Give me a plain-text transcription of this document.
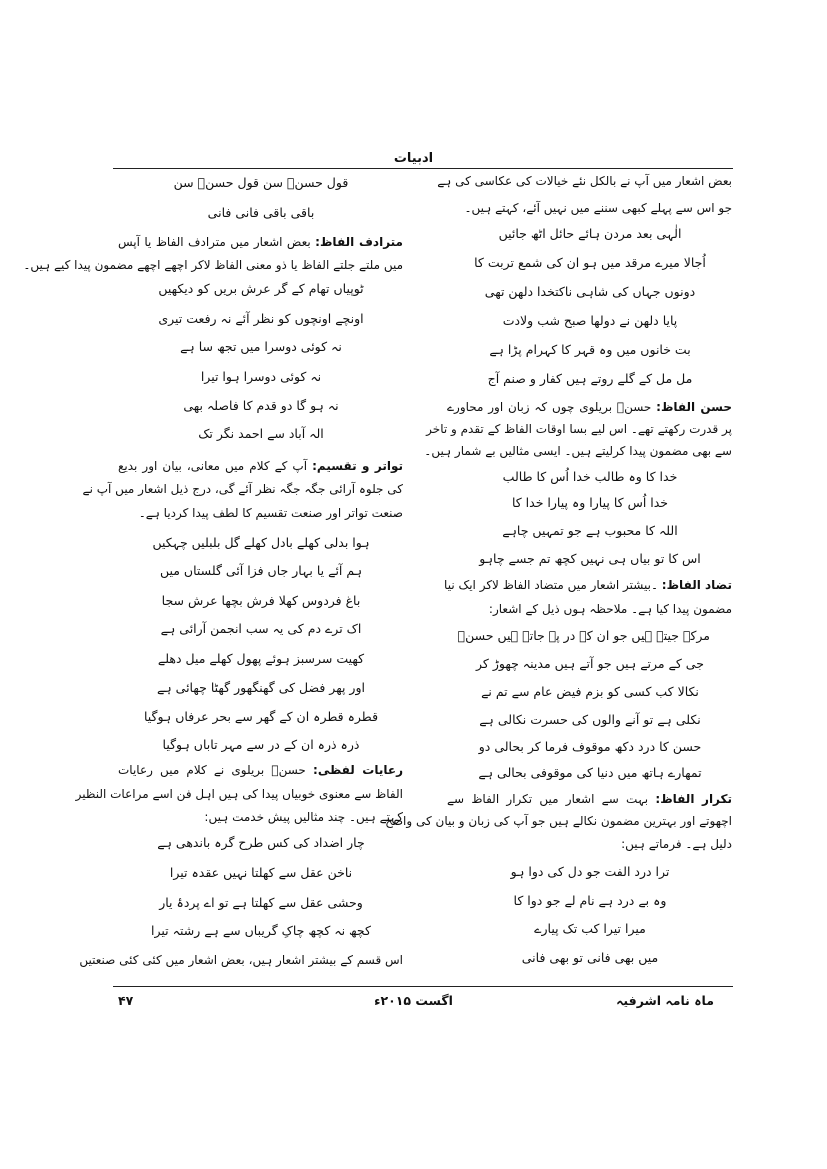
ادبیات
بعض اشعار میں آپ نے بالکل نئے خیالات کی عکاسی کی ہے
جو اس سے پہلے کبھی سننے میں نہیں آئے، کہتے ہیں۔
الٰہی بعد مردن ہائے حائل اٹھ جائیں
اُجالا میرے مرقد میں ہو ان کی شمع تربت کا
دونوں جہاں کی شاہی ناکتخدا دلھن تھی
پایا دلھن نے دولھا صبح شب ولادت
بت خانوں میں وہ قہر کا کہرام پڑا ہے
مل مل کے گلے روتے ہیں کفار و صنم آج
حسن الفاظ: حسنؔ بریلوی چوں کہ زبان اور محاورے
پر قدرت رکھتے تھے۔ اس لیے بسا اوقات الفاظ کے تقدم و تاخر
سے بھی مضمون پیدا کرلیتے ہیں۔ ایسی مثالیں بے شمار ہیں۔
خدا کا وہ طالب خدا اُس کا طالب
خدا اُس کا پیارا وہ پیارا خدا کا
اللہ کا محبوب ہے جو تمہیں چاہے
اس کا تو بیاں ہی نہیں کچھ تم جسے چاہو
تضاد الفاظ: ۔بیشتر اشعار میں متضاد الفاظ لاکر ایک نیا
مضمون پیدا کیا ہے۔ ملاحظہ ہوں ذیل کے اشعار:
مرکے جیتے ہیں جو ان کے در پہ جاتے ہیں حسنؔ
جی کے مرتے ہیں جو آتے ہیں مدینہ چھوڑ کر
نکالا کب کسی کو بزم فیض عام سے تم نے
نکلی ہے تو آنے والوں کی حسرت نکالی ہے
حسن کا درد دکھ موقوف فرما کر بحالی دو
تمھارے ہاتھ میں دنیا کی موقوفی بحالی ہے
تکرار الفاظ: بہت سے اشعار میں تکرار الفاظ سے
اچھوتے اور بہترین مضمون نکالے ہیں جو آپ کی زبان و بیان کی واضح
دلیل ہے۔ فرماتے ہیں:
ترا درد الفت جو دل کی دوا ہو
وہ بے درد ہے نام لے جو دوا کا
میرا تیرا کب تک پیارے
میں بھی فانی تو بھی فانی
قول حسنؔ سن قول حسنؔ سن
باقی باقی فانی فانی
مترادف الفاظ: بعض اشعار میں مترادف الفاظ یا آپس
میں ملتے جلتے الفاظ یا ذو معنی الفاظ لاکر اچھے اچھے مضمون پیدا کیے ہیں۔
ٹوپیاں تھام کے گر عرش بریں کو دیکھیں
اونچے اونچوں کو نظر آئے نہ رفعت تیری
نہ کوئی دوسرا میں تجھ سا ہے
نہ کوئی دوسرا ہوا تیرا
نہ ہو گا دو قدم کا فاصلہ بھی
الہ آباد سے احمد نگر تک
تواتر و تقسیم: آپ کے کلام میں معانی، بیان اور بدیع
کی جلوہ آرائی جگہ جگہ نظر آئے گی، درج ذیل اشعار میں آپ نے
صنعت تواتر اور صنعت تقسیم کا لطف پیدا کردیا ہے۔
ہوا بدلی کھلے بادل کھلے گل بلبلیں چہکیں
ہم آئے یا بہار جاں فزا آئی گلستاں میں
باغ فردوس کھلا فرش بچھا عرش سجا
اک ترے دم کی یہ سب انجمن آرائی ہے
کھیت سرسبز ہوئے پھول کھلے میل دھلے
اور پھر فضل کی گھنگھور گھٹا چھائی ہے
قطرہ قطرہ ان کے گھر سے بحر عرفاں ہوگیا
ذرہ ذرہ ان کے در سے مہر تاباں ہوگیا
رعایات لفظی: حسنؔ بریلوی نے کلام میں رعایات
الفاظ سے معنوی خوبیاں پیدا کی ہیں اہل فن اسے مراعات النظیر
کہتے ہیں۔ چند مثالیں پیش خدمت ہیں:
چار اضداد کی کس طرح گرہ باندھی ہے
ناخن عقل سے کھلتا نہیں عقدہ تیرا
وحشی عقل سے کھلتا ہے تو اے پردۂ یار
کچھ نہ کچھ چاکِ گریباں سے ہے رشتہ تیرا
اس قسم کے بیشتر اشعار ہیں، بعض اشعار میں کئی کئی صنعتیں
ماہ نامہ اشرفیہ
اگست ۲۰۱۵ء
۴۷
